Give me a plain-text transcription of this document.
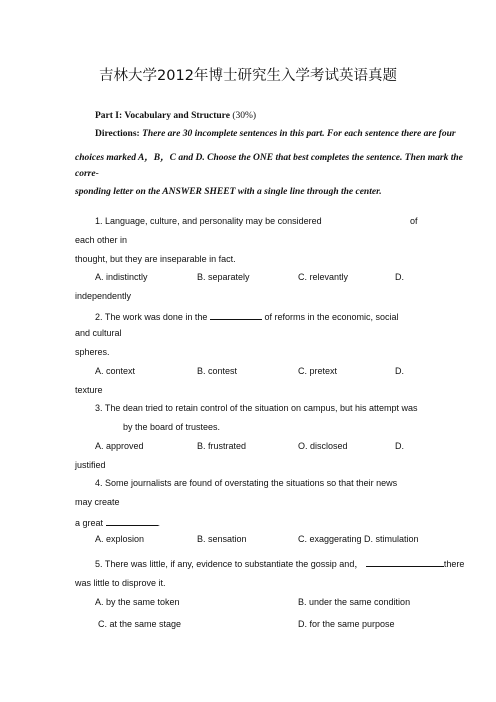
吉林大学2012年博士研究生入学考试英语真题
Part I: Vocabulary and Structure (30%)
Directions: There are 30 incomplete sentences in this part. For each sentence there are four
choices marked A，B，C and D. Choose the ONE that best completes the sentence. Then mark the
corre-
sponding letter on the ANSWER SHEET with a single line through the center.
1. Language, culture, and personality may be considered	of
each other in
thought, but they are inseparable in fact.
A. indistinctly	B. separately	C. relevantly	D.
independently
2. The work was done in the	of reforms in the economic, social
and cultural
spheres.
A. context	B. contest	C. pretext	D.
texture
3. The dean tried to retain control of the situation on campus, but his attempt was
by the board of trustees.
A. approved	B. frustrated	O. disclosed	D.
justified
4. Some journalists are found of overstating the situations so that their news
may create
a great	.
A. explosion	B. sensation	C. exaggerating D. stimulation
5. There was little, if any, evidence to substantiate the gossip and，	there
was little to disprove it.
A. by the same token	B. under the same condition
C. at the same stage	D. for the same purpose
